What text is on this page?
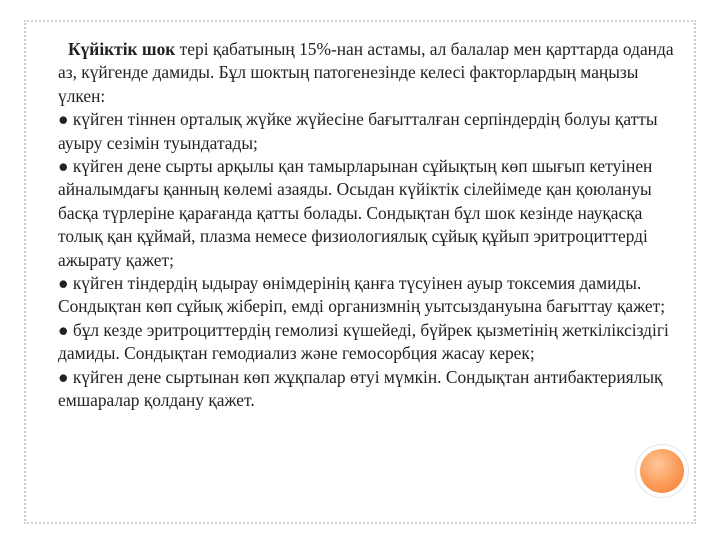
Күйіктік шок тері қабатының 15%-нан астамы, ал балалар мен қарттарда оданда аз, күйгенде дамиды. Бұл шоктың патогенезінде келесі факторлардың маңызы үлкен:

● күйген тіннен орталық жүйке жүйесіне бағытталған серпіндердің болуы қатты ауыру сезімін туындатады;

● күйген дене сырты арқылы қан тамырларынан сұйықтың көп шығып кетуінен айналымдағы қанның көлемі азаяды. Осыдан күйіктік сілейімеде қан қоюлануы басқа түрлеріне қарағанда қатты болады. Сондықтан бұл шок кезінде науқасқа толық қан құймай, плазма немесе физиологиялық сұйық құйып эритроциттерді ажырату қажет;

● күйген тіндердің ыдырау өнімдерінің қанға түсуінен ауыр токсемия дамиды. Сондықтан көп сұйық жіберіп, емді организмнің уытсыздануына бағыттау қажет;

● бұл кезде эритроциттердің гемолизі күшейеді, бүйрек қызметінің жеткіліксіздігі дамиды. Сондықтан гемодиализ және гемосорбция жасау керек;

● күйген дене сыртынан көп жұқпалар өтуі мүмкін. Сондықтан антибактериялық емшаралар қолдану қажет.
